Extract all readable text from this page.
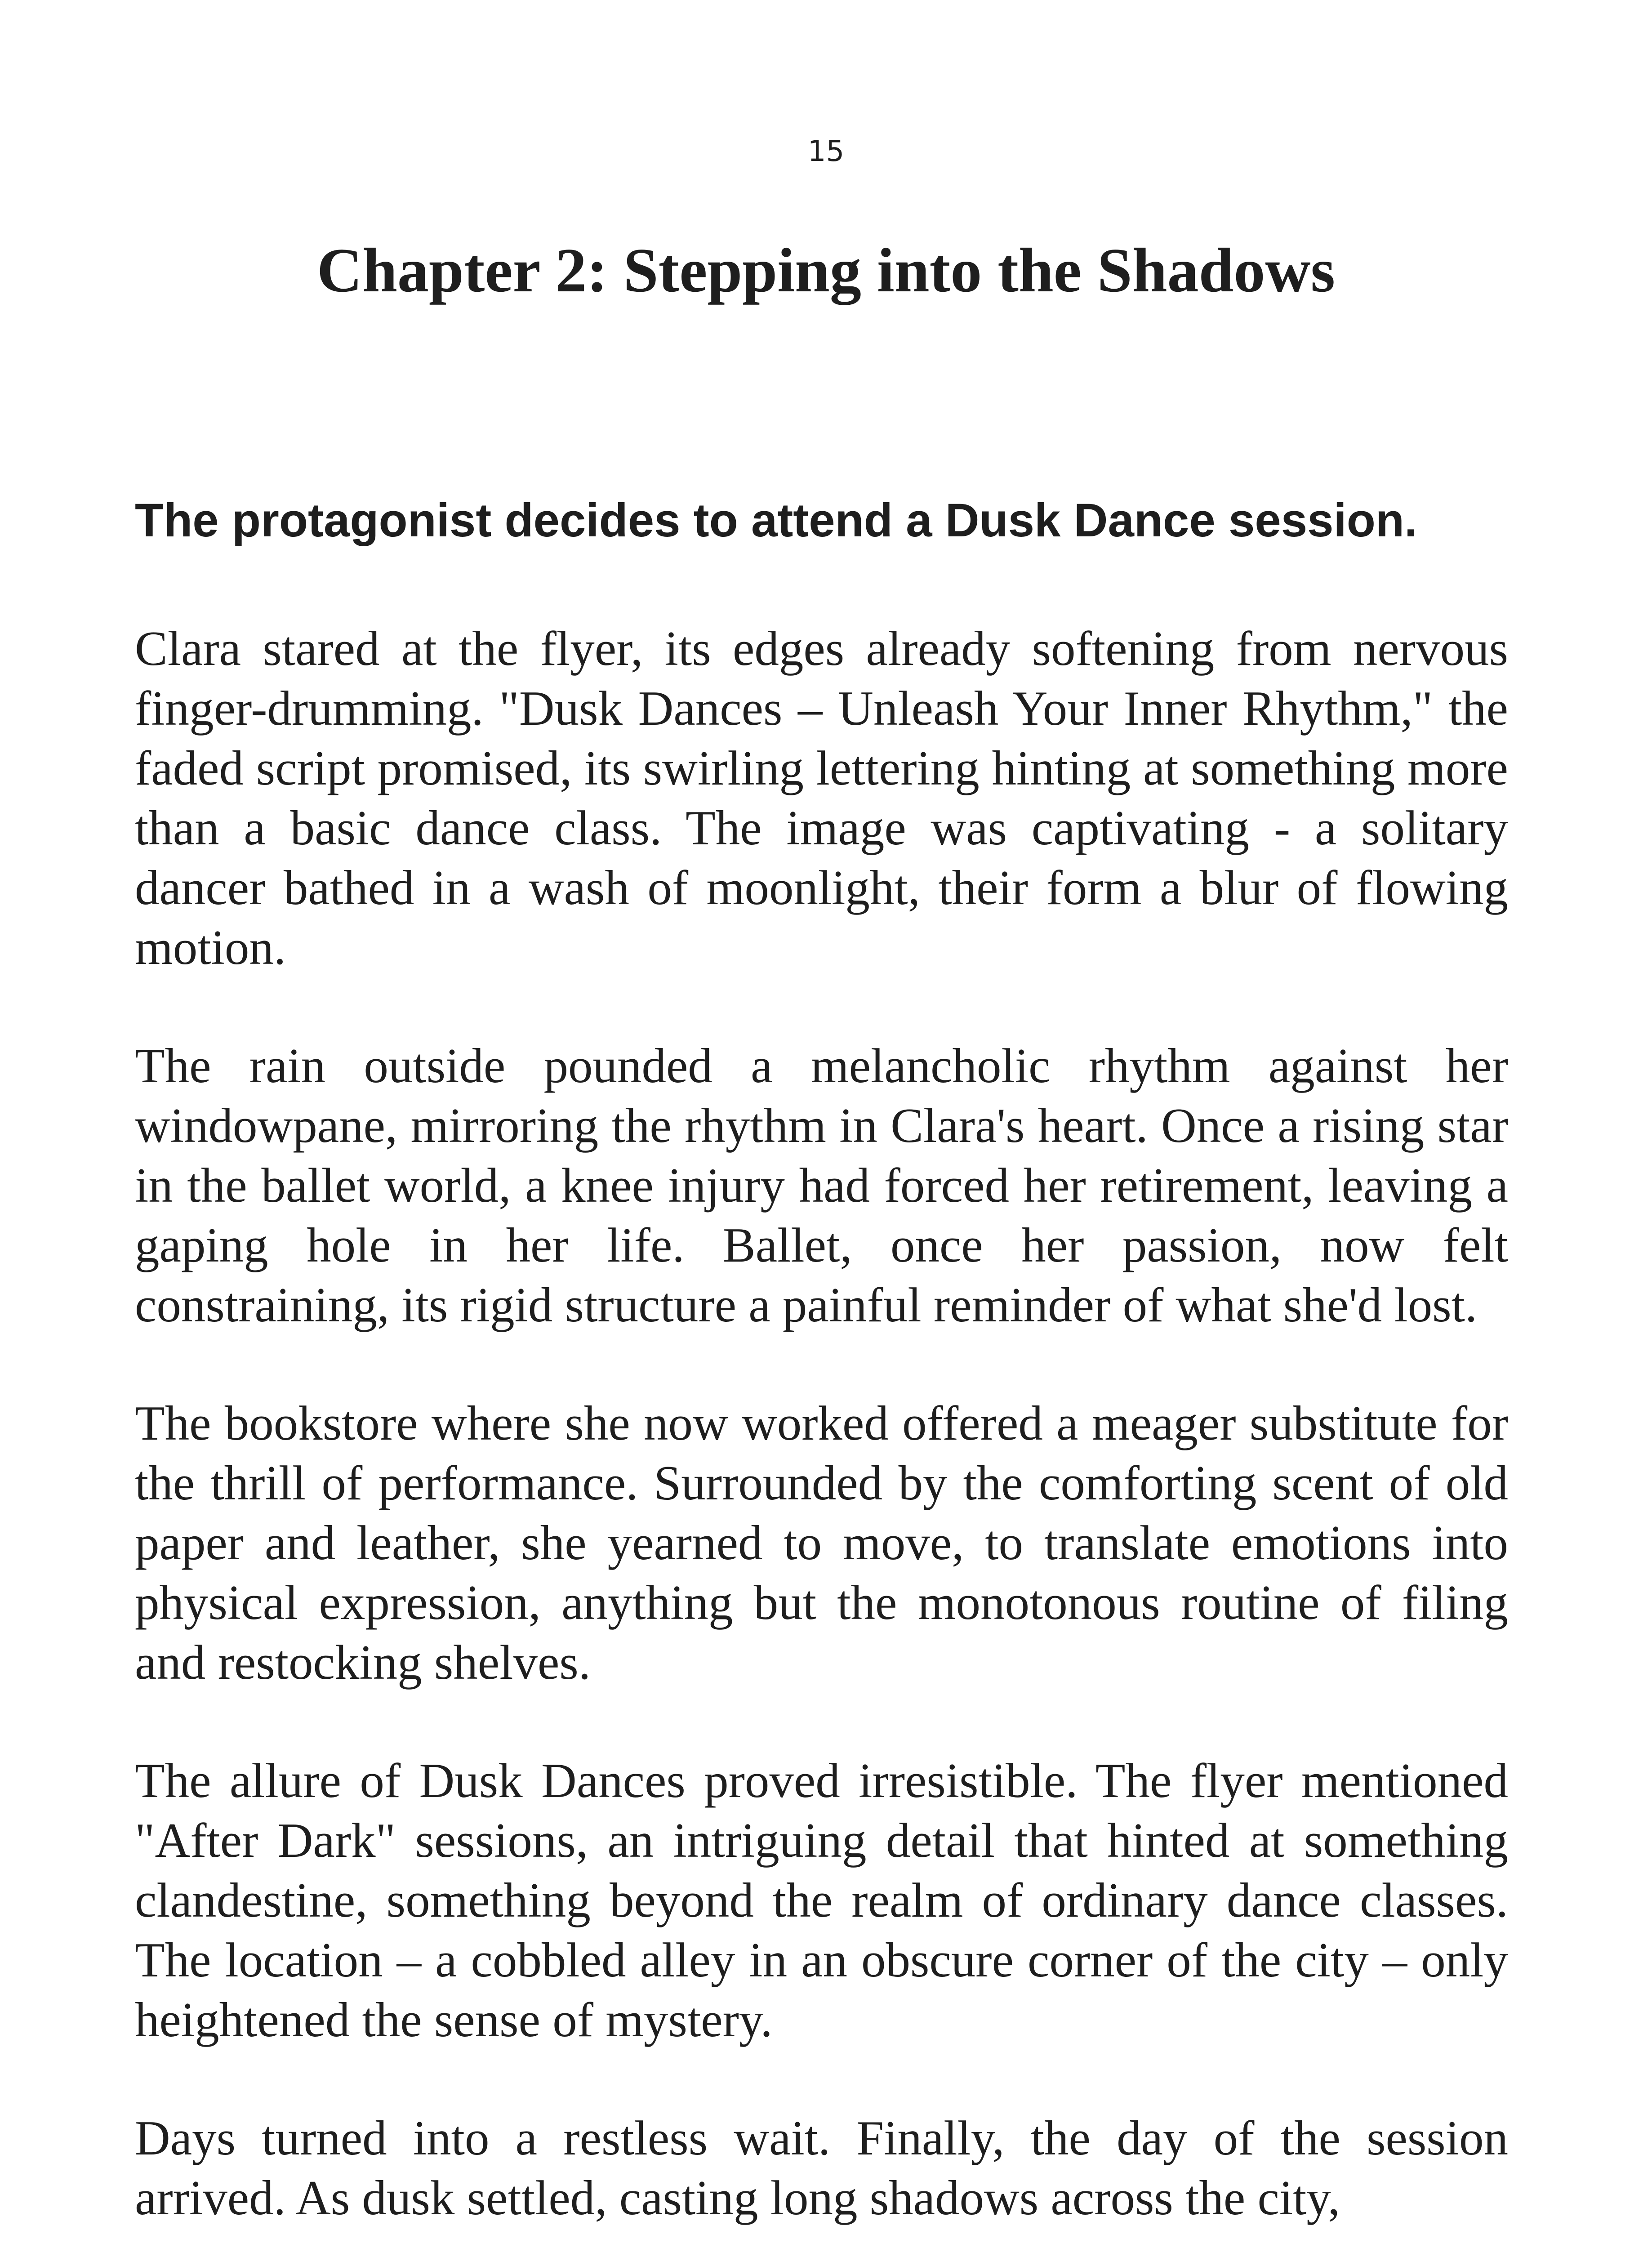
15

Chapter 2: Stepping into the Shadows
The protagonist decides to attend a Dusk Dance session.

Clara stared at the flyer, its edges already softening from nervous finger-drumming. "Dusk Dances – Unleash Your Inner Rhythm," the faded script promised, its swirling lettering hinting at something more than a basic dance class. The image was captivating - a solitary dancer bathed in a wash of moonlight, their form a blur of flowing motion.

The rain outside pounded a melancholic rhythm against her windowpane, mirroring the rhythm in Clara's heart. Once a rising star in the ballet world, a knee injury had forced her retirement, leaving a gaping hole in her life. Ballet, once her passion, now felt constraining, its rigid structure a painful reminder of what she'd lost.

The bookstore where she now worked offered a meager substitute for the thrill of performance. Surrounded by the comforting scent of old paper and leather, she yearned to move, to translate emotions into physical expression, anything but the monotonous routine of filing and restocking shelves.

The allure of Dusk Dances proved irresistible. The flyer mentioned "After Dark" sessions, an intriguing detail that hinted at something clandestine, something beyond the realm of ordinary dance classes. The location – a cobbled alley in an obscure corner of the city – only heightened the sense of mystery.

Days turned into a restless wait. Finally, the day of the session arrived. As dusk settled, casting long shadows across the city,
